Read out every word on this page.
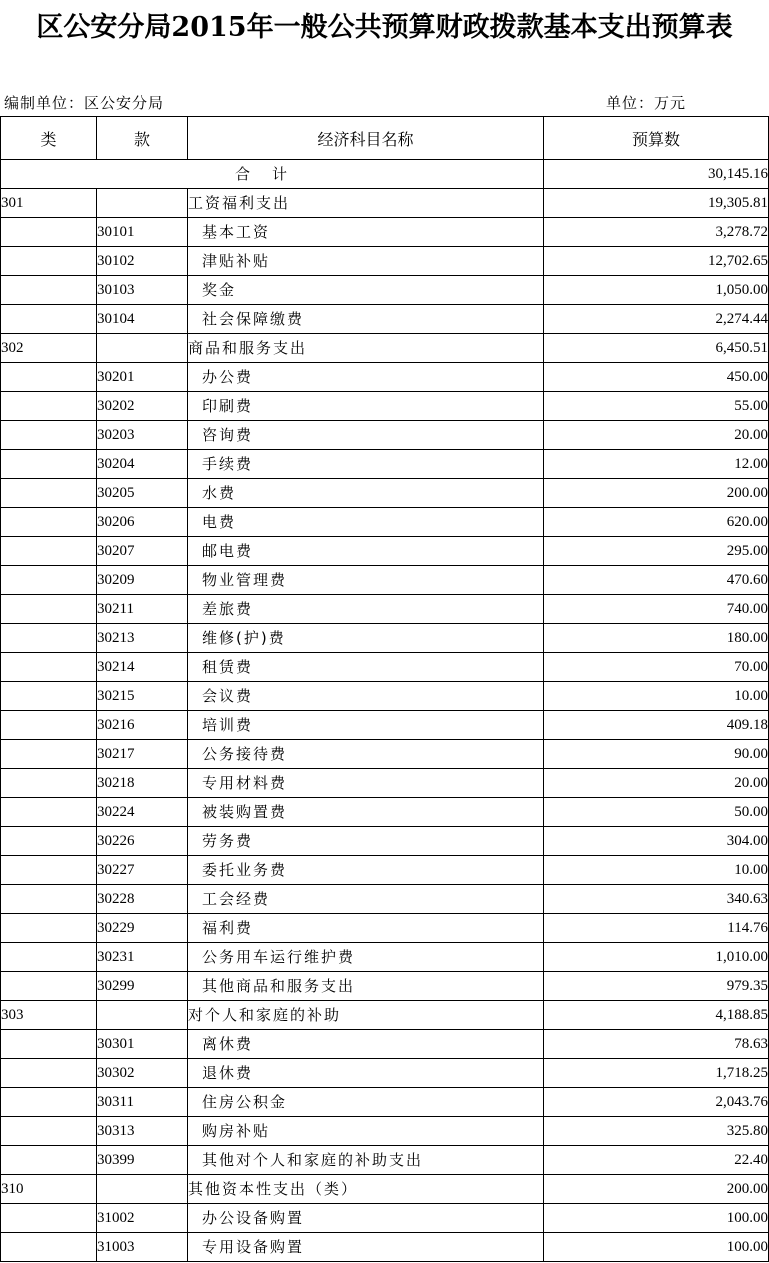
区公安分局2015年一般公共预算财政拨款基本支出预算表
编制单位：区公安分局	单位：万元
类	款	经济科目名称	预算数
合计			30,145.16
301		工资福利支出	19,305.81
	30101	基本工资	3,278.72
	30102	津贴补贴	12,702.65
	30103	奖金	1,050.00
	30104	社会保障缴费	2,274.44
302		商品和服务支出	6,450.51
	30201	办公费	450.00
	30202	印刷费	55.00
	30203	咨询费	20.00
	30204	手续费	12.00
	30205	水费	200.00
	30206	电费	620.00
	30207	邮电费	295.00
	30209	物业管理费	470.60
	30211	差旅费	740.00
	30213	维修(护)费	180.00
	30214	租赁费	70.00
	30215	会议费	10.00
	30216	培训费	409.18
	30217	公务接待费	90.00
	30218	专用材料费	20.00
	30224	被装购置费	50.00
	30226	劳务费	304.00
	30227	委托业务费	10.00
	30228	工会经费	340.63
	30229	福利费	114.76
	30231	公务用车运行维护费	1,010.00
	30299	其他商品和服务支出	979.35
303		对个人和家庭的补助	4,188.85
	30301	离休费	78.63
	30302	退休费	1,718.25
	30311	住房公积金	2,043.76
	30313	购房补贴	325.80
	30399	其他对个人和家庭的补助支出	22.40
310		其他资本性支出（类）	200.00
	31002	办公设备购置	100.00
	31003	专用设备购置	100.00
